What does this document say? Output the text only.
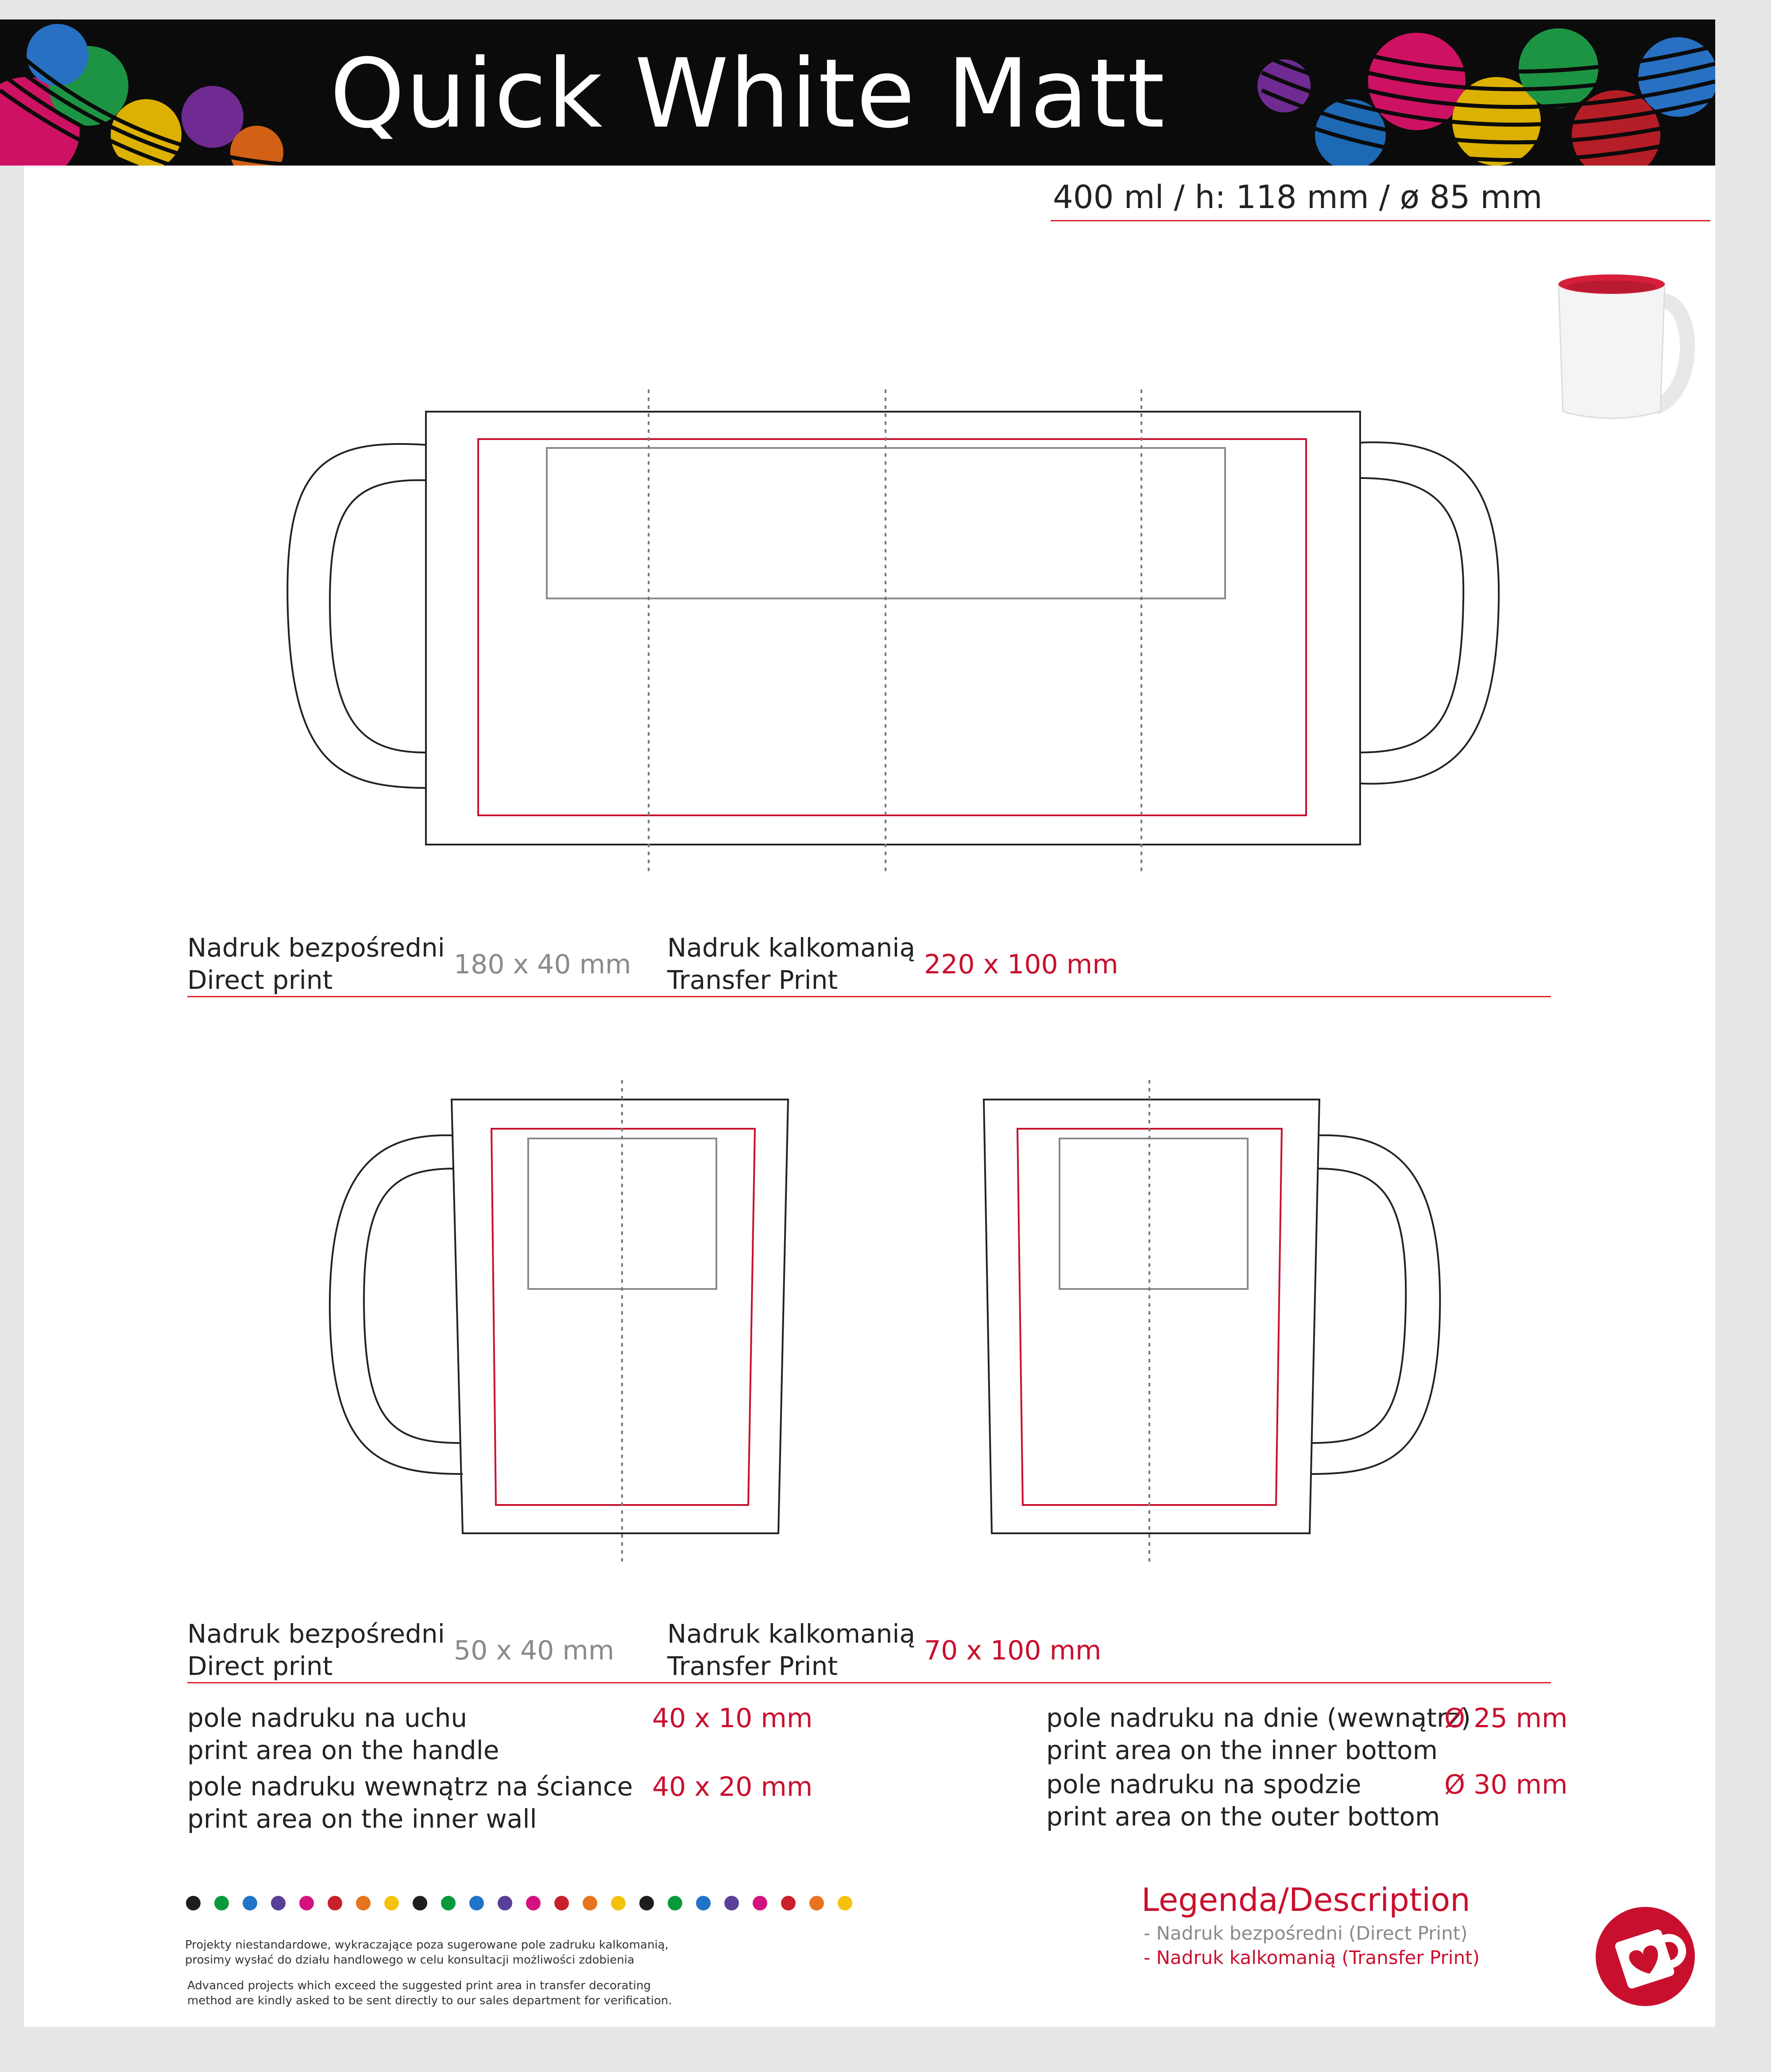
Quick White Matt
400 ml / h: 118 mm / ø 85 mm
Nadruk bezpośredni
Direct print	180 x 40 mm
Nadruk kalkomanią
Transfer Print	220 x 100 mm
Nadruk bezpośredni
Direct print	50 x 40 mm
Nadruk kalkomanią
Transfer Print	70 x 100 mm
pole nadruku na uchu
print area on the handle
40 x 10 mm
pole nadruku wewnątrz na ściance
print area on the inner wall
40 x 20 mm
pole nadruku na dnie (wewnątrz)
print area on the inner bottom
Ø 25 mm
pole nadruku na spodzie
print area on the outer bottom
Ø 30 mm
Projekty niestandardowe, wykraczające poza sugerowane pole zadruku kalkomanią,
prosimy wysłać do działu handlowego w celu konsultacji możliwości zdobienia
Advanced projects which exceed the suggested print area in transfer decorating
method are kindly asked to be sent directly to our sales department for verification.
Legenda/Description
- Nadruk bezpośredni (Direct Print)
- Nadruk kalkomanią (Transfer Print)
